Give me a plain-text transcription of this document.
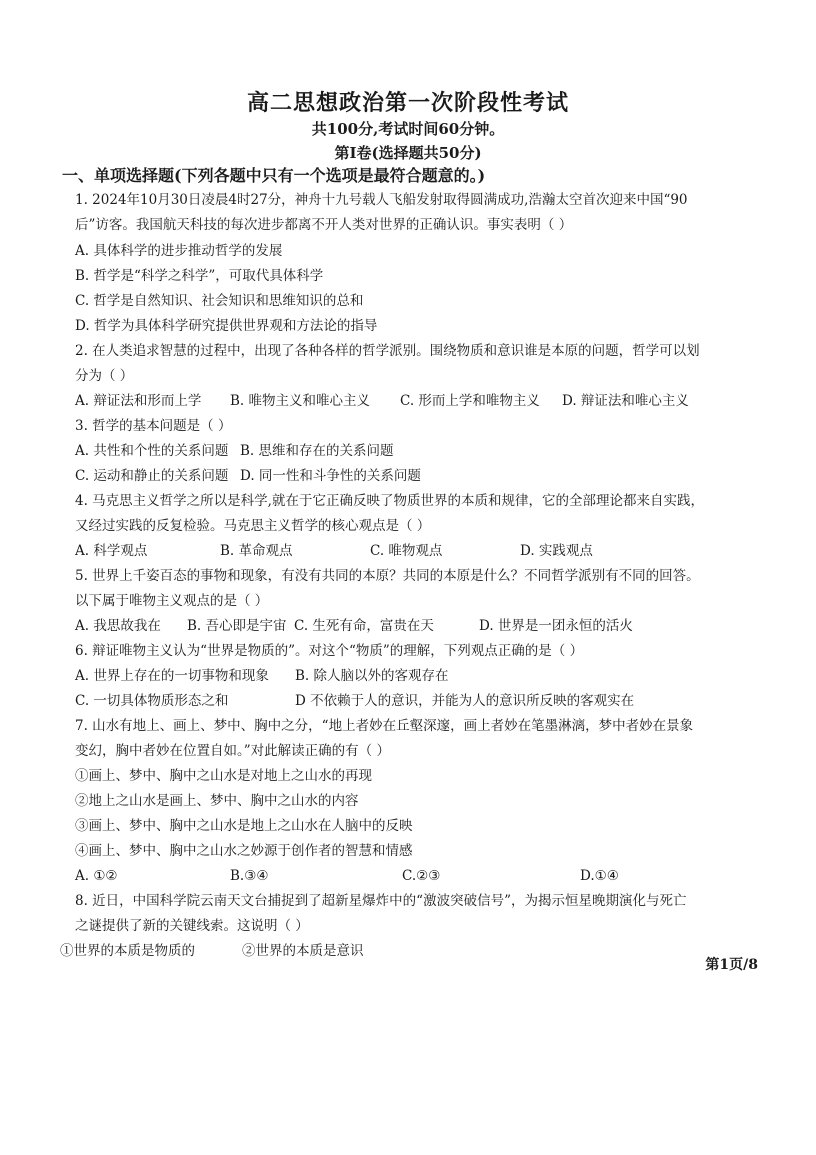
高二思想政治第一次阶段性考试
共100分,考试时间60分钟。
第Ⅰ卷(选择题共50分)
一、单项选择题(下列各题中只有一个选项是最符合题意的。)
1. 2024年10月30日凌晨4时27分，神舟十九号载人飞船发射取得圆满成功,浩瀚太空首次迎来中国“90
后”访客。我国航天科技的每次进步都离不开人类对世界的正确认识。事实表明（ ）
A. 具体科学的进步推动哲学的发展
B. 哲学是“科学之科学”，可取代具体科学
C. 哲学是自然知识、社会知识和思维知识的总和
D. 哲学为具体科学研究提供世界观和方法论的指导
2. 在人类追求智慧的过程中，出现了各种各样的哲学派别。围绕物质和意识谁是本原的问题，哲学可以划
分为（ ）
A. 辩证法和形而上学	B. 唯物主义和唯心主义	C. 形而上学和唯物主义	D. 辩证法和唯心主义
3. 哲学的基本问题是（ ）
A. 共性和个性的关系问题 B. 思维和存在的关系问题
C. 运动和静止的关系问题 D. 同一性和斗争性的关系问题
4. 马克思主义哲学之所以是科学,就在于它正确反映了物质世界的本质和规律，它的全部理论都来自实践，
又经过实践的反复检验。马克思主义哲学的核心观点是（ ）
A. 科学观点	B. 革命观点	C. 唯物观点	D. 实践观点
5. 世界上千姿百态的事物和现象，有没有共同的本原？共同的本原是什么？不同哲学派别有不同的回答。
以下属于唯物主义观点的是（ ）
A. 我思故我在	B. 吾心即是宇宙 C. 生死有命，富贵在天	D. 世界是一团永恒的活火
6. 辩证唯物主义认为“世界是物质的”。对这个“物质”的理解，下列观点正确的是（ ）
A. 世界上存在的一切事物和现象	B. 除人脑以外的客观存在
C. 一切具体物质形态之和	D 不依赖于人的意识，并能为人的意识所反映的客观实在
7. 山水有地上、画上、梦中、胸中之分，“地上者妙在丘壑深邃，画上者妙在笔墨淋漓，梦中者妙在景象
变幻，胸中者妙在位置自如。”对此解读正确的有（ ）
①画上、梦中、胸中之山水是对地上之山水的再现
②地上之山水是画上、梦中、胸中之山水的内容
③画上、梦中、胸中之山水是地上之山水在人脑中的反映
④画上、梦中、胸中之山水之妙源于创作者的智慧和情感
A. ①②	B.③④	C.②③	D.①④
8. 近日，中国科学院云南天文台捕捉到了超新星爆炸中的“激波突破信号”，为揭示恒星晚期演化与死亡
之谜提供了新的关键线索。这说明（ ）
①世界的本质是物质的	②世界的本质是意识
第1页/8
